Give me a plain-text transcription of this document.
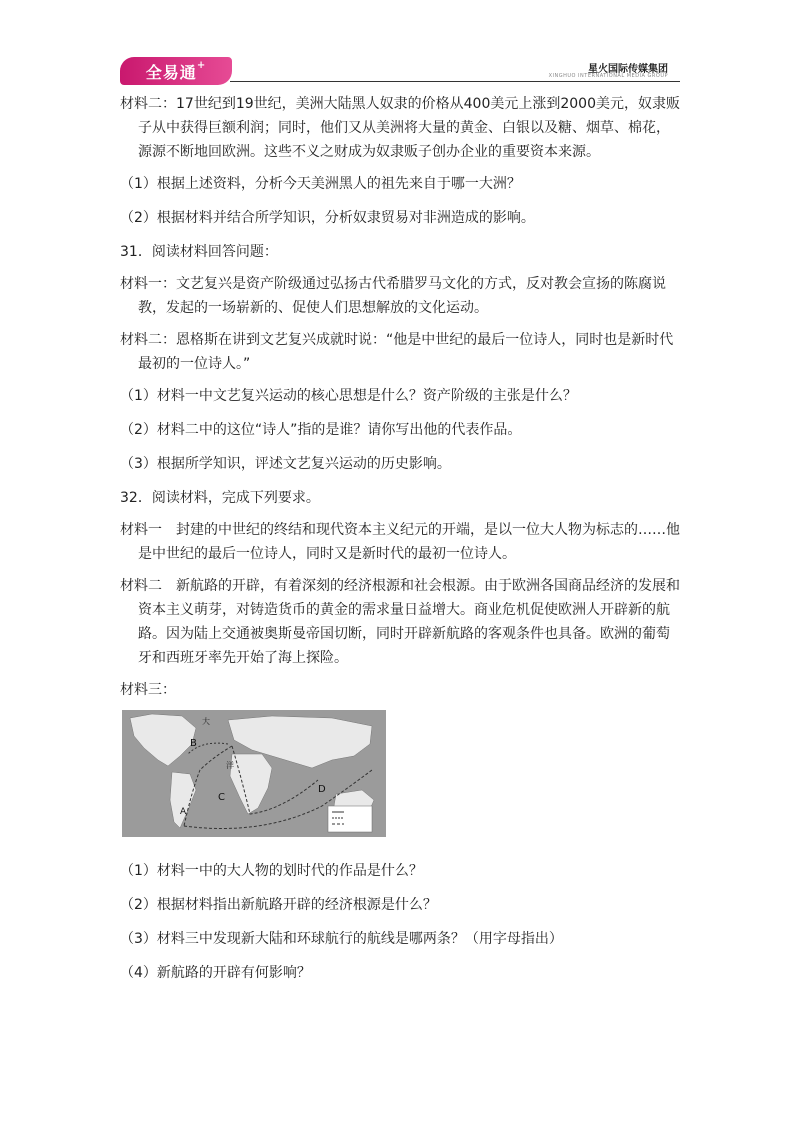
全易通+	星火国际传媒集团
XINGHUO INTERNATIONAL MEDIA GROUP

材料二：17世纪到19世纪，美洲大陆黑人奴隶的价格从400美元上涨到2000美元，奴隶贩子从中获得巨额利润；同时，他们又从美洲将大量的黄金、白银以及糖、烟草、棉花，源源不断地回欧洲。这些不义之财成为奴隶贩子创办企业的重要资本来源。

（1）根据上述资料，分析今天美洲黑人的祖先来自于哪一大洲？

（2）根据材料并结合所学知识，分析奴隶贸易对非洲造成的影响。

31．阅读材料回答问题：

材料一：文艺复兴是资产阶级通过弘扬古代希腊罗马文化的方式，反对教会宣扬的陈腐说教，发起的一场崭新的、促使人们思想解放的文化运动。

材料二：恩格斯在讲到文艺复兴成就时说：“他是中世纪的最后一位诗人，同时也是新时代最初的一位诗人。”

（1）材料一中文艺复兴运动的核心思想是什么？资产阶级的主张是什么？

（2）材料二中的这位“诗人”指的是谁？请你写出他的代表作品。

（3）根据所学知识，评述文艺复兴运动的历史影响。

32．阅读材料，完成下列要求。

材料一　封建的中世纪的终结和现代资本主义纪元的开端，是以一位大人物为标志的……他是中世纪的最后一位诗人，同时又是新时代的最初一位诗人。

材料二　新航路的开辟，有着深刻的经济根源和社会根源。由于欧洲各国商品经济的发展和资本主义萌芽，对铸造货币的黄金的需求量日益增大。商业危机促使欧洲人开辟新的航路。因为陆上交通被奥斯曼帝国切断，同时开辟新航路的客观条件也具备。欧洲的葡萄牙和西班牙率先开始了海上探险。

材料三：

B
C
D
A
大
洋

（1）材料一中的大人物的划时代的作品是什么？

（2）根据材料指出新航路开辟的经济根源是什么？

（3）材料三中发现新大陆和环球航行的航线是哪两条？（用字母指出）

（4）新航路的开辟有何影响？
